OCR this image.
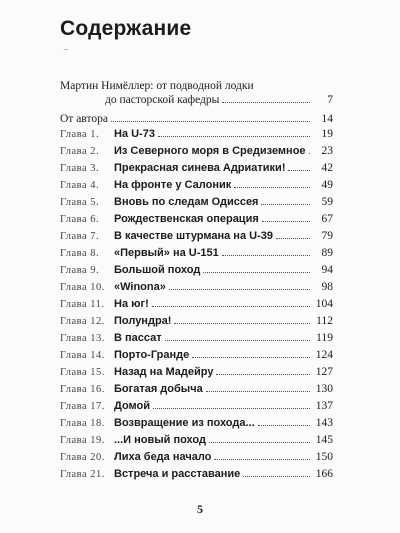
Содержание
–
Мартин Нимёллер: от подводной лодки
до пасторской кафедры	7
От автора	14
Глава 1.	На U-73	19
Глава 2.	Из Северного моря в Средиземное	23
Глава 3.	Прекрасная синева Адриатики!	42
Глава 4.	На фронте у Салоник	49
Глава 5.	Вновь по следам Одиссея	59
Глава 6.	Рождественская операция	67
Глава 7.	В качестве штурмана на U-39	79
Глава 8.	«Первый» на U-151	89
Глава 9.	Большой поход	94
Глава 10. «Winona»	98
Глава 11. На юг!	104
Глава 12. Полундра!	112
Глава 13. В пассат	119
Глава 14. Порто-Гранде	124
Глава 15. Назад на Мадейру	127
Глава 16. Богатая добыча	130
Глава 17. Домой	137
Глава 18. Возвращение из похода...	143
Глава 19. ...И новый поход	145
Глава 20. Лиха беда начало	150
Глава 21. Встреча и расставание	166
5
